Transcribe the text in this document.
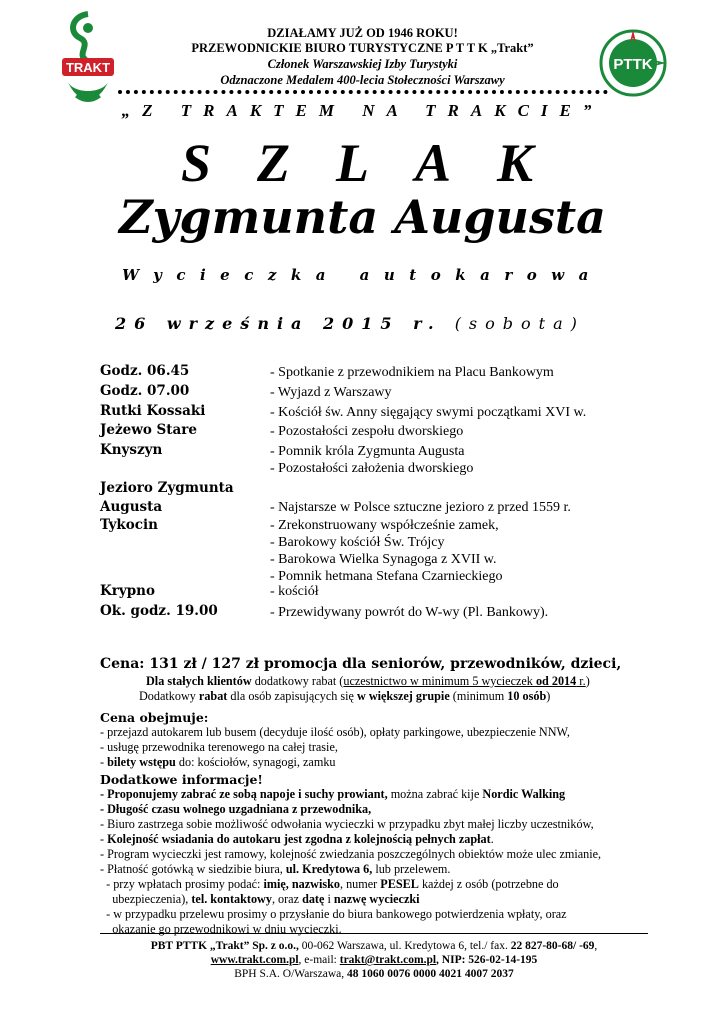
TRAKT	PTTK
DZIAŁAMY JUŻ OD 1946 ROKU!
PRZEWODNICKIE BIURO TURYSTYCZNE P T T K „Trakt”
Członek Warszawskiej Izby Turystyki
Odznaczone Medalem 400-lecia Stołeczności Warszawy
„Z TRAKTEM NA TRAKCIE”
SZLAK
Zygmunta Augusta
Wycieczka autokarowa
26 września 2015 r. (sobota)
Godz. 06.45	- Spotkanie z przewodnikiem na Placu Bankowym
Godz. 07.00	- Wyjazd z Warszawy
Rutki Kossaki	- Kościół św. Anny sięgający swymi początkami XVI w.
Jeżewo Stare	- Pozostałości zespołu dworskiego
Knyszyn	- Pomnik króla Zygmunta Augusta
- Pozostałości założenia dworskiego
Jezioro Zygmunta
Augusta	- Najstarsze w Polsce sztuczne jezioro z przed 1559 r.
Tykocin	- Zrekonstruowany współcześnie zamek,
- Barokowy kościół Św. Trójcy
- Barokowa Wielka Synagoga z XVII w.
- Pomnik hetmana Stefana Czarnieckiego
Krypno	- kościół
Ok. godz. 19.00	- Przewidywany powrót do W-wy (Pl. Bankowy).
Cena: 131 zł / 127 zł promocja dla seniorów, przewodników, dzieci,
Dla stałych klientów dodatkowy rabat (uczestnictwo w minimum 5 wycieczek od 2014 r.)
Dodatkowy rabat dla osób zapisujących się w większej grupie (minimum 10 osób)
Cena obejmuje:
- przejazd autokarem lub busem (decyduje ilość osób), opłaty parkingowe, ubezpieczenie NNW,
- usługę przewodnika terenowego na całej trasie,
- bilety wstępu do: kościołów, synagogi, zamku
Dodatkowe informacje!
- Proponujemy zabrać ze sobą napoje i suchy prowiant, można zabrać kije Nordic Walking
- Długość czasu wolnego uzgadniana z przewodnika,
- Biuro zastrzega sobie możliwość odwołania wycieczki w przypadku zbyt małej liczby uczestników,
- Kolejność wsiadania do autokaru jest zgodna z kolejnością pełnych zapłat.
- Program wycieczki jest ramowy, kolejność zwiedzania poszczególnych obiektów może ulec zmianie,
- Płatność gotówką w siedzibie biura, ul. Kredytowa 6, lub przelewem.
- przy wpłatach prosimy podać: imię, nazwisko, numer PESEL każdej z osób (potrzebne do
ubezpieczenia), tel. kontaktowy, oraz datę i nazwę wycieczki
- w przypadku przelewu prosimy o przysłanie do biura bankowego potwierdzenia wpłaty, oraz
okazanie go przewodnikowi w dniu wycieczki.
PBT PTTK „Trakt” Sp. z o.o., 00-062 Warszawa, ul. Kredytowa 6, tel./ fax. 22 827-80-68/ -69,
www.trakt.com.pl, e-mail: trakt@trakt.com.pl, NIP: 526-02-14-195
BPH S.A. O/Warszawa, 48 1060 0076 0000 4021 4007 2037
